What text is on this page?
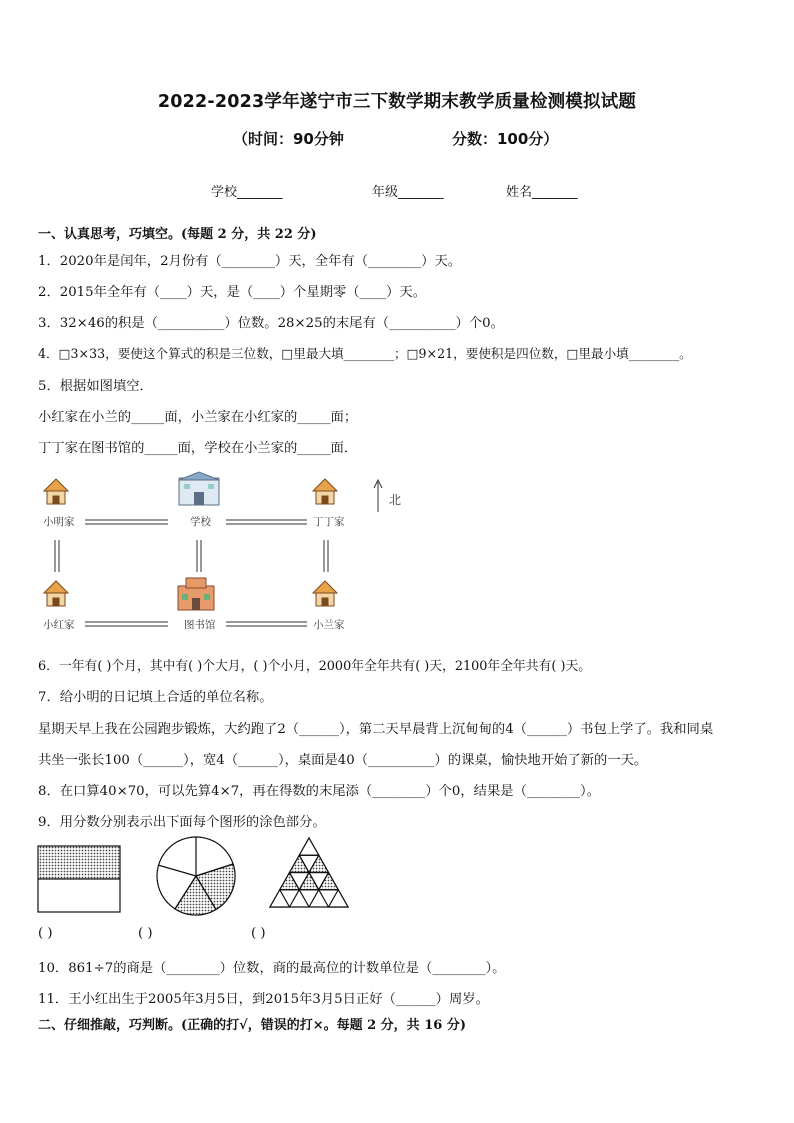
2022-2023学年遂宁市三下数学期末教学质量检测模拟试题
（时间：90分钟	分数：100分）
学校_______	年级_______	姓名_______
一、认真思考，巧填空。(每题 2 分，共 22 分)
1．2020年是闰年，2月份有（________）天，全年有（________）天。
2．2015年全年有（____）天，是（____）个星期零（____）天。
3．32×46的积是（__________）位数。28×25的末尾有（__________）个0。
4．□3×33，要使这个算式的积是三位数，□里最大填________；□9×21，要使积是四位数，□里最小填________。
5．根据如图填空．
小红家在小兰的_____面，小兰家在小红家的_____面；
丁丁家在图书馆的_____面，学校在小兰家的_____面．
小明家	学校	丁丁家
小红家	图书馆	小兰家
北
6．一年有( )个月，其中有( )个大月，( )个小月，2000年全年共有( )天，2100年全年共有( )天。
7．给小明的日记填上合适的单位名称。
星期天早上我在公园跑步锻炼，大约跑了2（______），第二天早晨背上沉甸甸的4（______）书包上学了。我和同桌
共坐一张长100（______），宽4（______），桌面是40（__________）的课桌，愉快地开始了新的一天。
8．在口算40×70，可以先算4×7，再在得数的末尾添（________）个0，结果是（________）。
9．用分数分别表示出下面每个图形的涂色部分。
( )	( )	( )
10．861÷7的商是（________）位数，商的最高位的计数单位是（________）。
11．王小红出生于2005年3月5日，到2015年3月5日正好（______）周岁。
二、仔细推敲，巧判断。(正确的打√，错误的打×。每题 2 分，共 16 分)
